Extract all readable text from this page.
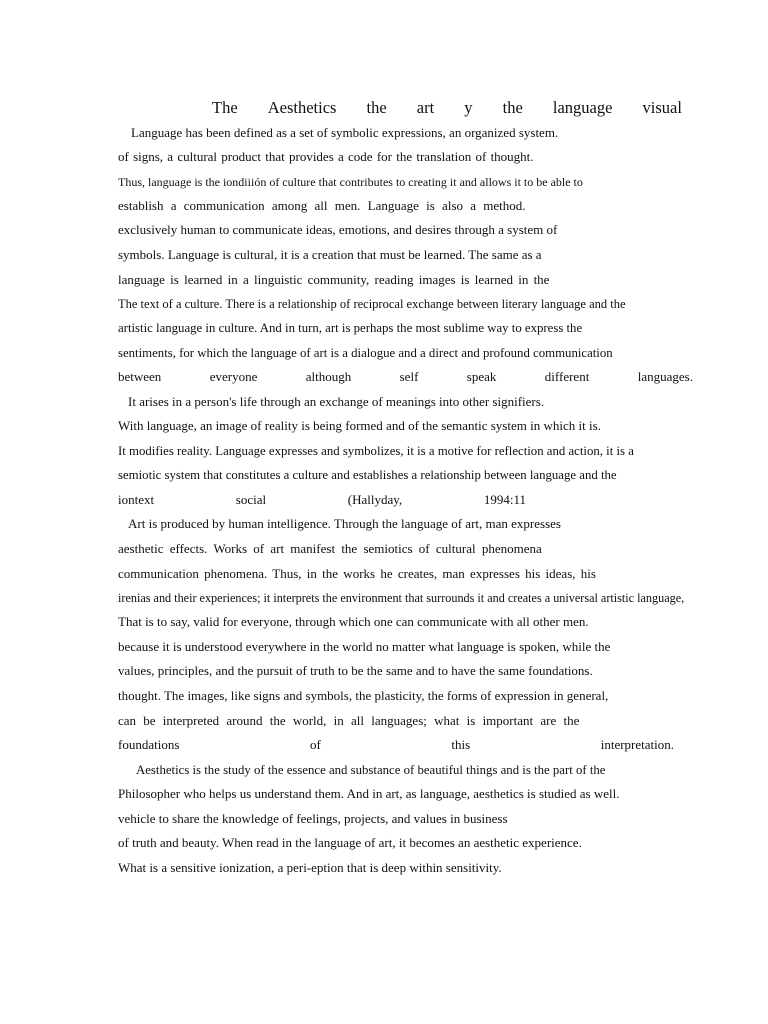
The Aesthetics the art y the language visual
Language has been defined as a set of symbolic expressions, an organized system.
of signs, a cultural product that provides a code for the translation of thought.
Thus, language is the iondiiión of culture that contributes to creating it and allows it to be able to
establish a communication among all men. Language is also a method.
exclusively human to communicate ideas, emotions, and desires through a system of
symbols. Language is cultural, it is a creation that must be learned. The same as a
language is learned in a linguistic community, reading images is learned in the
The text of a culture. There is a relationship of reciprocal exchange between literary language and the
artistic language in culture. And in turn, art is perhaps the most sublime way to express the
sentiments, for which the language of art is a dialogue and a direct and profound communication
between	everyone	although	self	speak	different	languages.
It arises in a person's life through an exchange of meanings into other signifiers.
With language, an image of reality is being formed and of the semantic system in which it is.
It modifies reality. Language expresses and symbolizes, it is a motive for reflection and action, it is a
semiotic system that constitutes a culture and establishes a relationship between language and the
iontext	social	(Hallyday,	1994:11
Art is produced by human intelligence. Through the language of art, man expresses
aesthetic effects. Works of art manifest the semiotics of cultural phenomena
communication phenomena. Thus, in the works he creates, man expresses his ideas, his
irenias and their experiences; it interprets the environment that surrounds it and creates a universal artistic language,
That is to say, valid for everyone, through which one can communicate with all other men.
because it is understood everywhere in the world no matter what language is spoken, while the
values, principles, and the pursuit of truth to be the same and to have the same foundations.
thought. The images, like signs and symbols, the plasticity, the forms of expression in general,
can be interpreted around the world, in all languages; what is important are the
foundations	of	this	interpretation.
Aesthetics is the study of the essence and substance of beautiful things and is the part of the
Philosopher who helps us understand them. And in art, as language, aesthetics is studied as well.
vehicle to share the knowledge of feelings, projects, and values in business
of truth and beauty. When read in the language of art, it becomes an aesthetic experience.
What is a sensitive ionization, a peri-eption that is deep within sensitivity.
